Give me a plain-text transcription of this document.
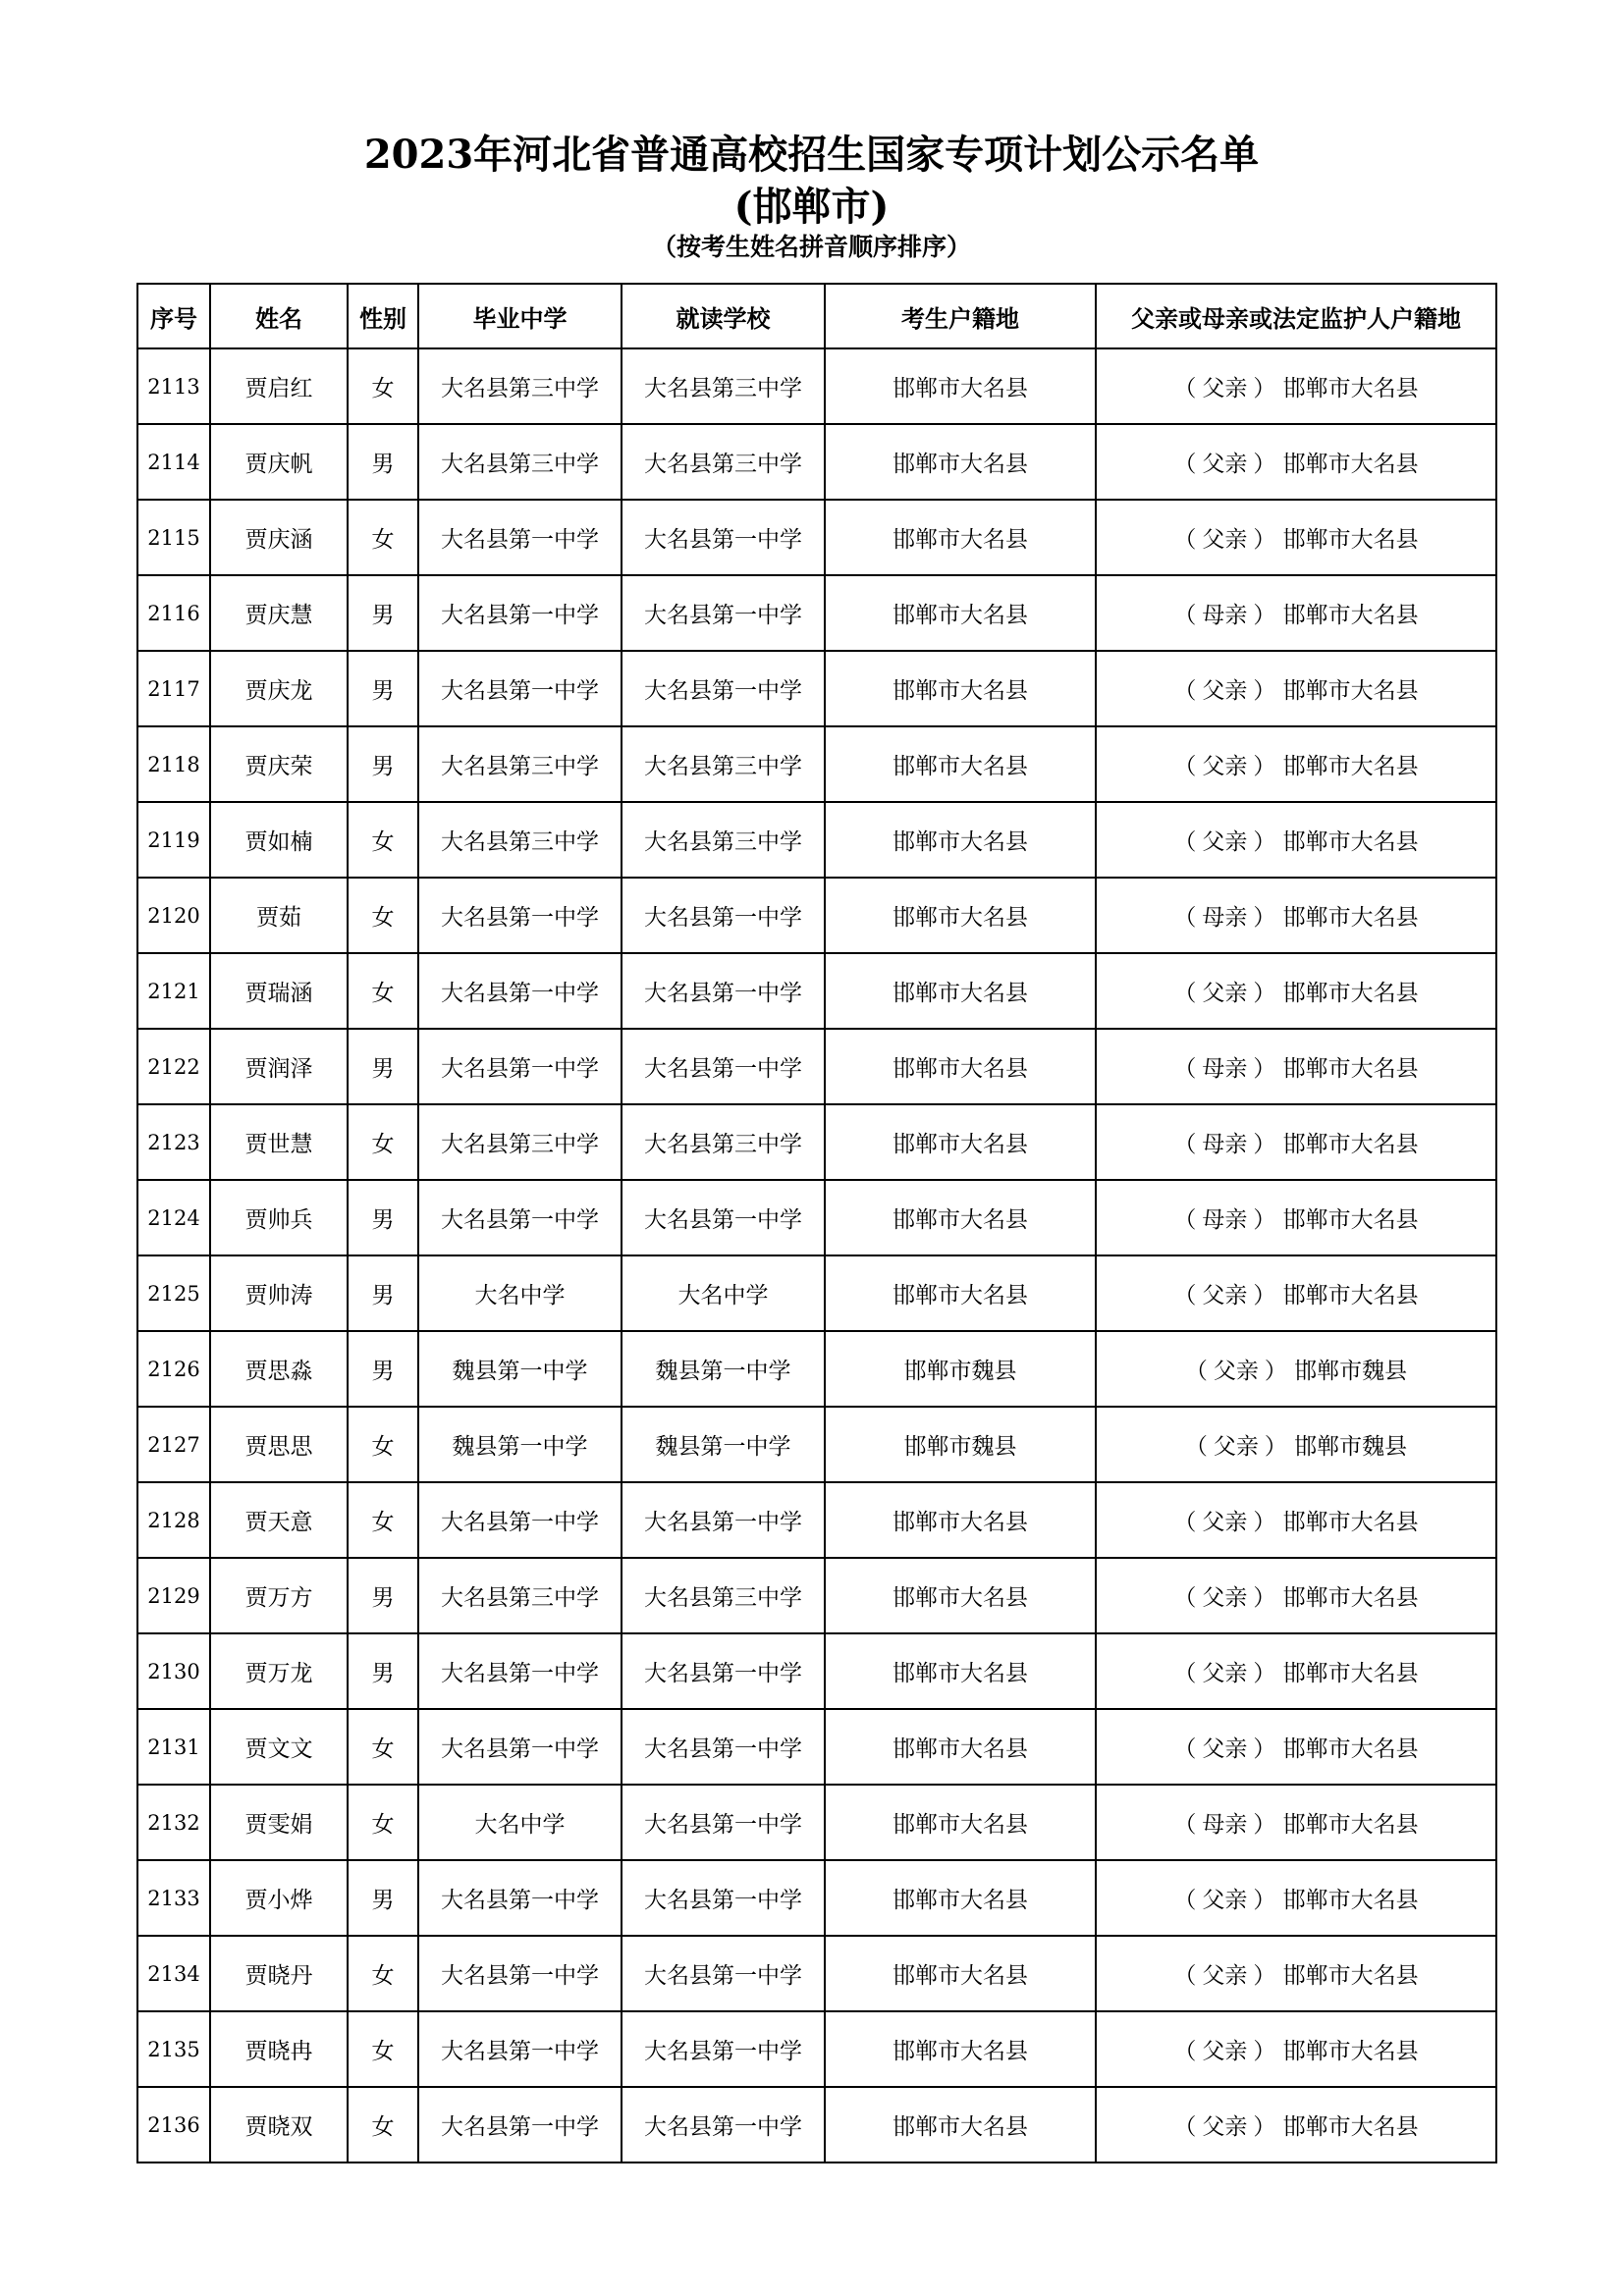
2023年河北省普通高校招生国家专项计划公示名单
(邯郸市)
（按考生姓名拼音顺序排序）
序号	姓名	性别	毕业中学	就读学校	考生户籍地	父亲或母亲或法定监护人户籍地
2113	贾启红	女	大名县第三中学	大名县第三中学	邯郸市大名县	（ 父亲 ） 邯郸市大名县
2114	贾庆帆	男	大名县第三中学	大名县第三中学	邯郸市大名县	（ 父亲 ） 邯郸市大名县
2115	贾庆涵	女	大名县第一中学	大名县第一中学	邯郸市大名县	（ 父亲 ） 邯郸市大名县
2116	贾庆慧	男	大名县第一中学	大名县第一中学	邯郸市大名县	（ 母亲 ） 邯郸市大名县
2117	贾庆龙	男	大名县第一中学	大名县第一中学	邯郸市大名县	（ 父亲 ） 邯郸市大名县
2118	贾庆荣	男	大名县第三中学	大名县第三中学	邯郸市大名县	（ 父亲 ） 邯郸市大名县
2119	贾如楠	女	大名县第三中学	大名县第三中学	邯郸市大名县	（ 父亲 ） 邯郸市大名县
2120	贾茹	女	大名县第一中学	大名县第一中学	邯郸市大名县	（ 母亲 ） 邯郸市大名县
2121	贾瑞涵	女	大名县第一中学	大名县第一中学	邯郸市大名县	（ 父亲 ） 邯郸市大名县
2122	贾润泽	男	大名县第一中学	大名县第一中学	邯郸市大名县	（ 母亲 ） 邯郸市大名县
2123	贾世慧	女	大名县第三中学	大名县第三中学	邯郸市大名县	（ 母亲 ） 邯郸市大名县
2124	贾帅兵	男	大名县第一中学	大名县第一中学	邯郸市大名县	（ 母亲 ） 邯郸市大名县
2125	贾帅涛	男	大名中学	大名中学	邯郸市大名县	（ 父亲 ） 邯郸市大名县
2126	贾思淼	男	魏县第一中学	魏县第一中学	邯郸市魏县	（ 父亲 ） 邯郸市魏县
2127	贾思思	女	魏县第一中学	魏县第一中学	邯郸市魏县	（ 父亲 ） 邯郸市魏县
2128	贾天意	女	大名县第一中学	大名县第一中学	邯郸市大名县	（ 父亲 ） 邯郸市大名县
2129	贾万方	男	大名县第三中学	大名县第三中学	邯郸市大名县	（ 父亲 ） 邯郸市大名县
2130	贾万龙	男	大名县第一中学	大名县第一中学	邯郸市大名县	（ 父亲 ） 邯郸市大名县
2131	贾文文	女	大名县第一中学	大名县第一中学	邯郸市大名县	（ 父亲 ） 邯郸市大名县
2132	贾雯娟	女	大名中学	大名县第一中学	邯郸市大名县	（ 母亲 ） 邯郸市大名县
2133	贾小烨	男	大名县第一中学	大名县第一中学	邯郸市大名县	（ 父亲 ） 邯郸市大名县
2134	贾晓丹	女	大名县第一中学	大名县第一中学	邯郸市大名县	（ 父亲 ） 邯郸市大名县
2135	贾晓冉	女	大名县第一中学	大名县第一中学	邯郸市大名县	（ 父亲 ） 邯郸市大名县
2136	贾晓双	女	大名县第一中学	大名县第一中学	邯郸市大名县	（ 父亲 ） 邯郸市大名县
